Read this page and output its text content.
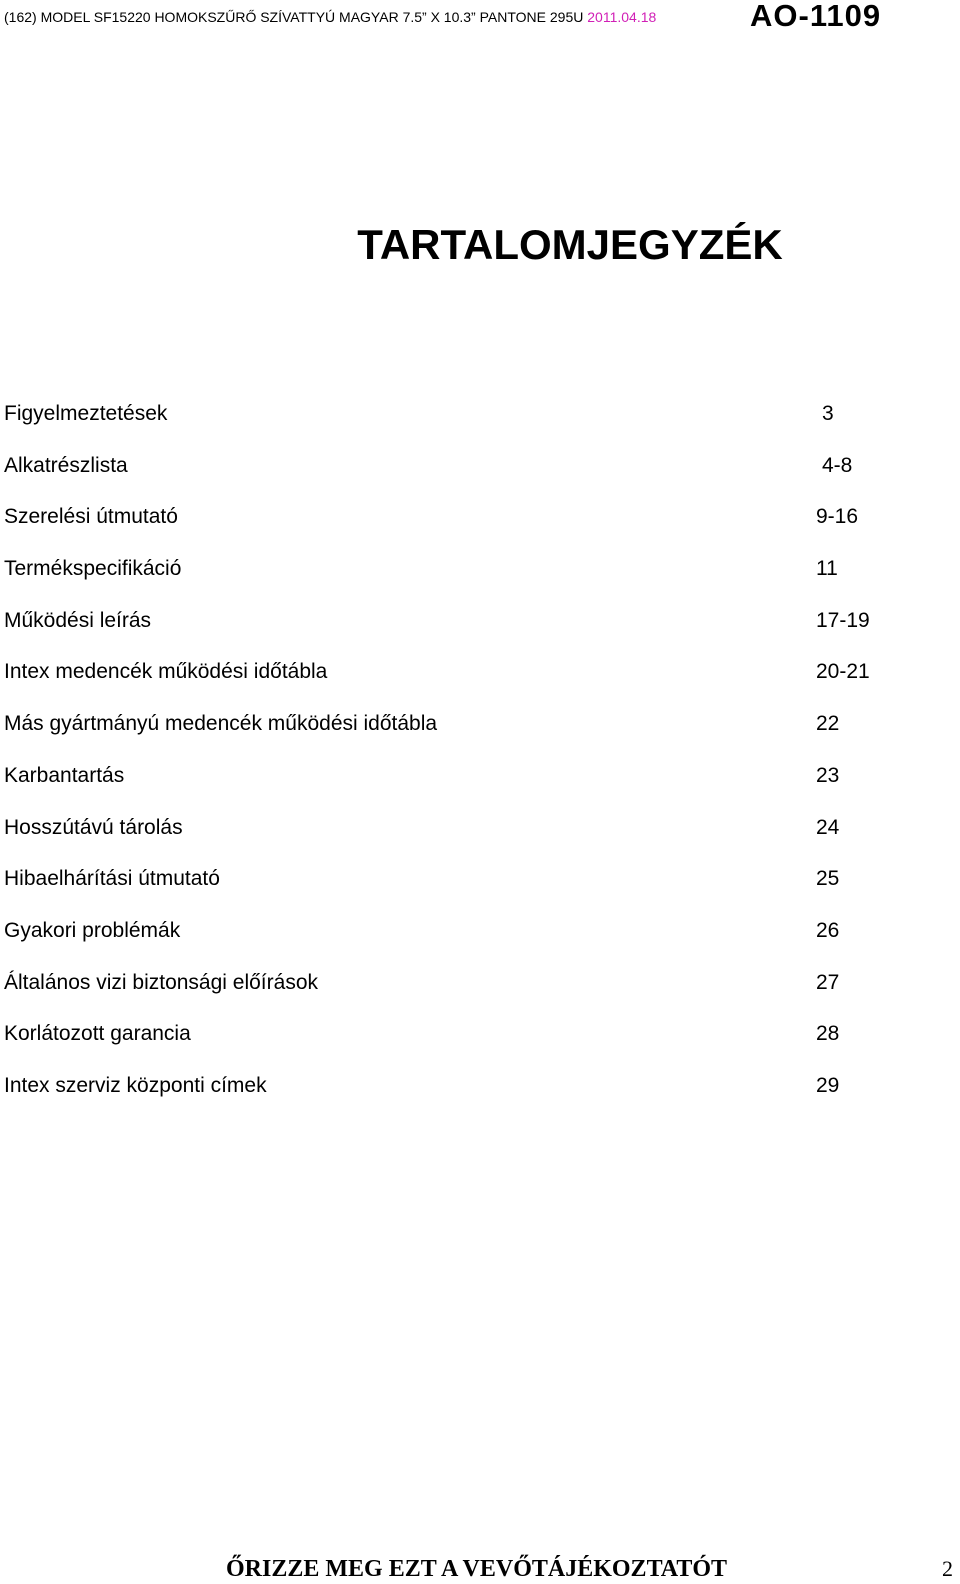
(162) MODEL SF15220 HOMOKSZŰRŐ SZÍVATTYÚ MAGYAR 7.5” X 10.3” PANTONE 295U 2011.04.18	AO-1109
TARTALOMJEGYZÉK
Figyelmeztetések	3
Alkatrészlista	4-8
Szerelési útmutató	9-16
Termékspecifikáció	11
Működési leírás	17-19
Intex medencék működési időtábla	20-21
Más gyártmányú medencék működési időtábla	22
Karbantartás	23
Hosszútávú tárolás	24
Hibaelhárítási útmutató	25
Gyakori problémák	26
Általános vizi biztonsági előírások	27
Korlátozott garancia	28
Intex szerviz központi címek	29
ŐRIZZE MEG EZT A VEVŐTÁJÉKOZTATÓT	2
